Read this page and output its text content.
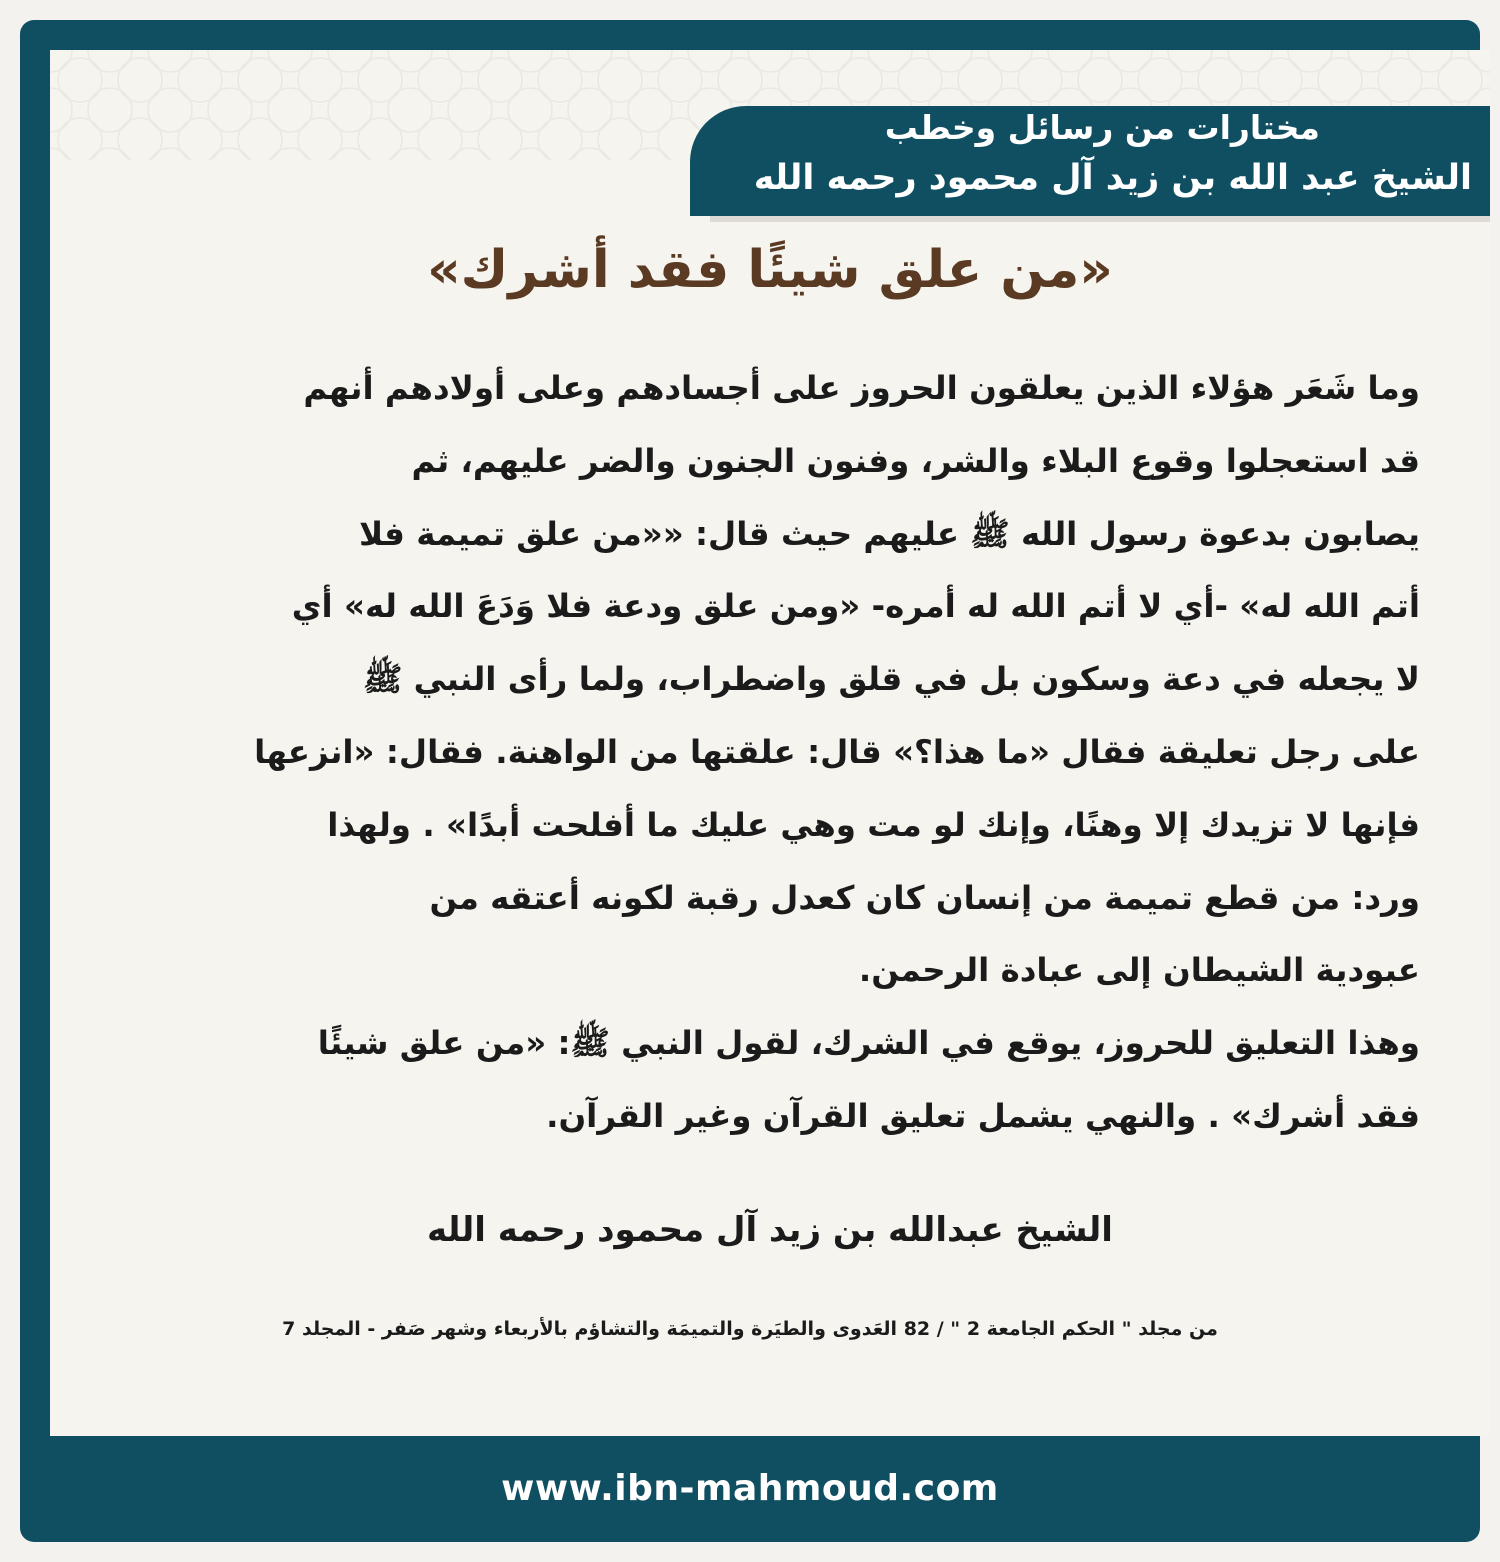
مختارات من رسائل وخطب
الشيخ عبد الله بن زيد آل محمود رحمه الله
«من علق شيئًا فقد أشرك»
وما شَعَر هؤلاء الذين يعلقون الحروز على أجسادهم وعلى أولادهم أنهم
قد استعجلوا وقوع البلاء والشر، وفنون الجنون والضر عليهم، ثم
يصابون بدعوة رسول الله ﷺ عليهم حيث قال: ««من علق تميمة فلا
أتم الله له» -أي لا أتم الله له أمره- «ومن علق ودعة فلا وَدَعَ الله له» أي
لا يجعله في دعة وسكون بل في قلق واضطراب، ولما رأى النبي ﷺ
على رجل تعليقة فقال «ما هذا؟» قال: علقتها من الواهنة. فقال: «انزعها
فإنها لا تزيدك إلا وهنًا، وإنك لو مت وهي عليك ما أفلحت أبدًا» . ولهذا
ورد: من قطع تميمة من إنسان كان كعدل رقبة لكونه أعتقه من
عبودية الشيطان إلى عبادة الرحمن.
وهذا التعليق للحروز، يوقع في الشرك، لقول النبي ﷺ: «من علق شيئًا
فقد أشرك» . والنهي يشمل تعليق القرآن وغير القرآن.
الشيخ عبدالله بن زيد آل محمود رحمه الله
www.ibn-mahmoud.com
من مجلد " الحكم الجامعة 2 " / 82 العَدوى والطيَرة والتميمَة والتشاؤم بالأربعاء وشهر صَفر - المجلد 7
